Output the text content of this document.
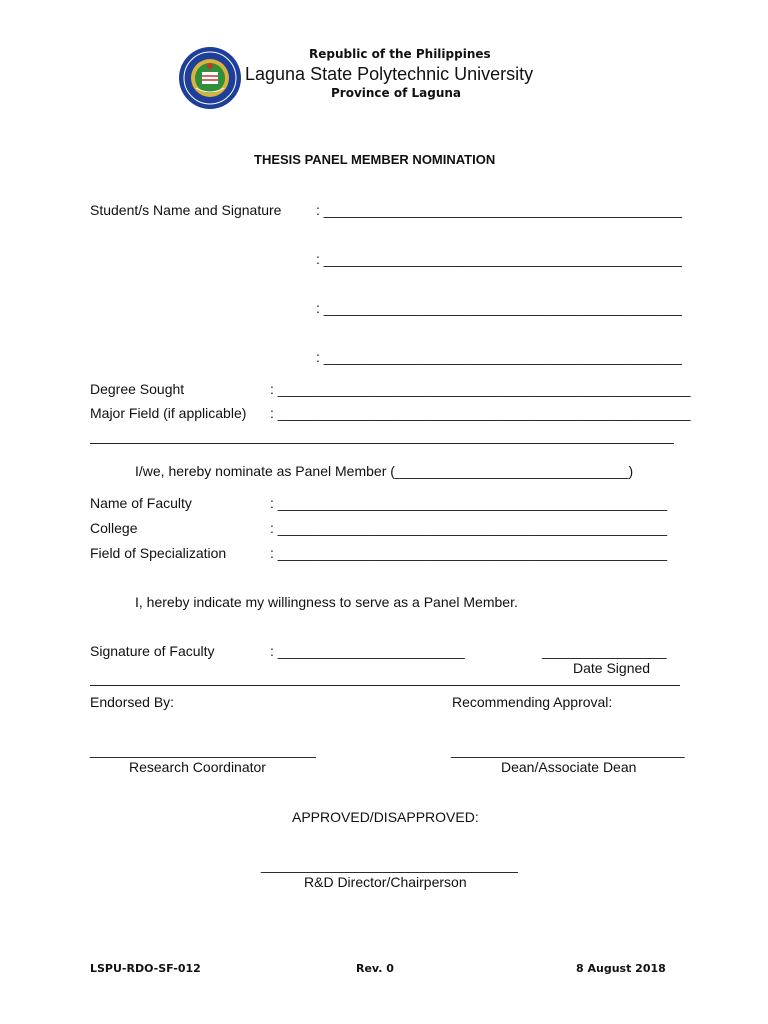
Republic of the Philippines
Laguna State Polytechnic University
Province of Laguna
THESIS PANEL MEMBER NOMINATION
Student/s Name and Signature : ______________________________________________
: ______________________________________________
: ______________________________________________
: ______________________________________________
Degree Sought	: _____________________________________________________
Major Field (if applicable) : _____________________________________________________
I/we, hereby nominate as Panel Member (______________________________)
Name of Faculty	: __________________________________________________
College	: __________________________________________________
Field of Specialization	: __________________________________________________
I, hereby indicate my willingness to serve as a Panel Member.
Signature of Faculty	: ________________________	________________
Date Signed
Endorsed By:	Recommending Approval:
_____________________________
Research Coordinator
______________________________
Dean/Associate Dean
APPROVED/DISAPPROVED:
_________________________________
R&D Director/Chairperson
LSPU-RDO-SF-012	Rev. 0	8 August 2018
